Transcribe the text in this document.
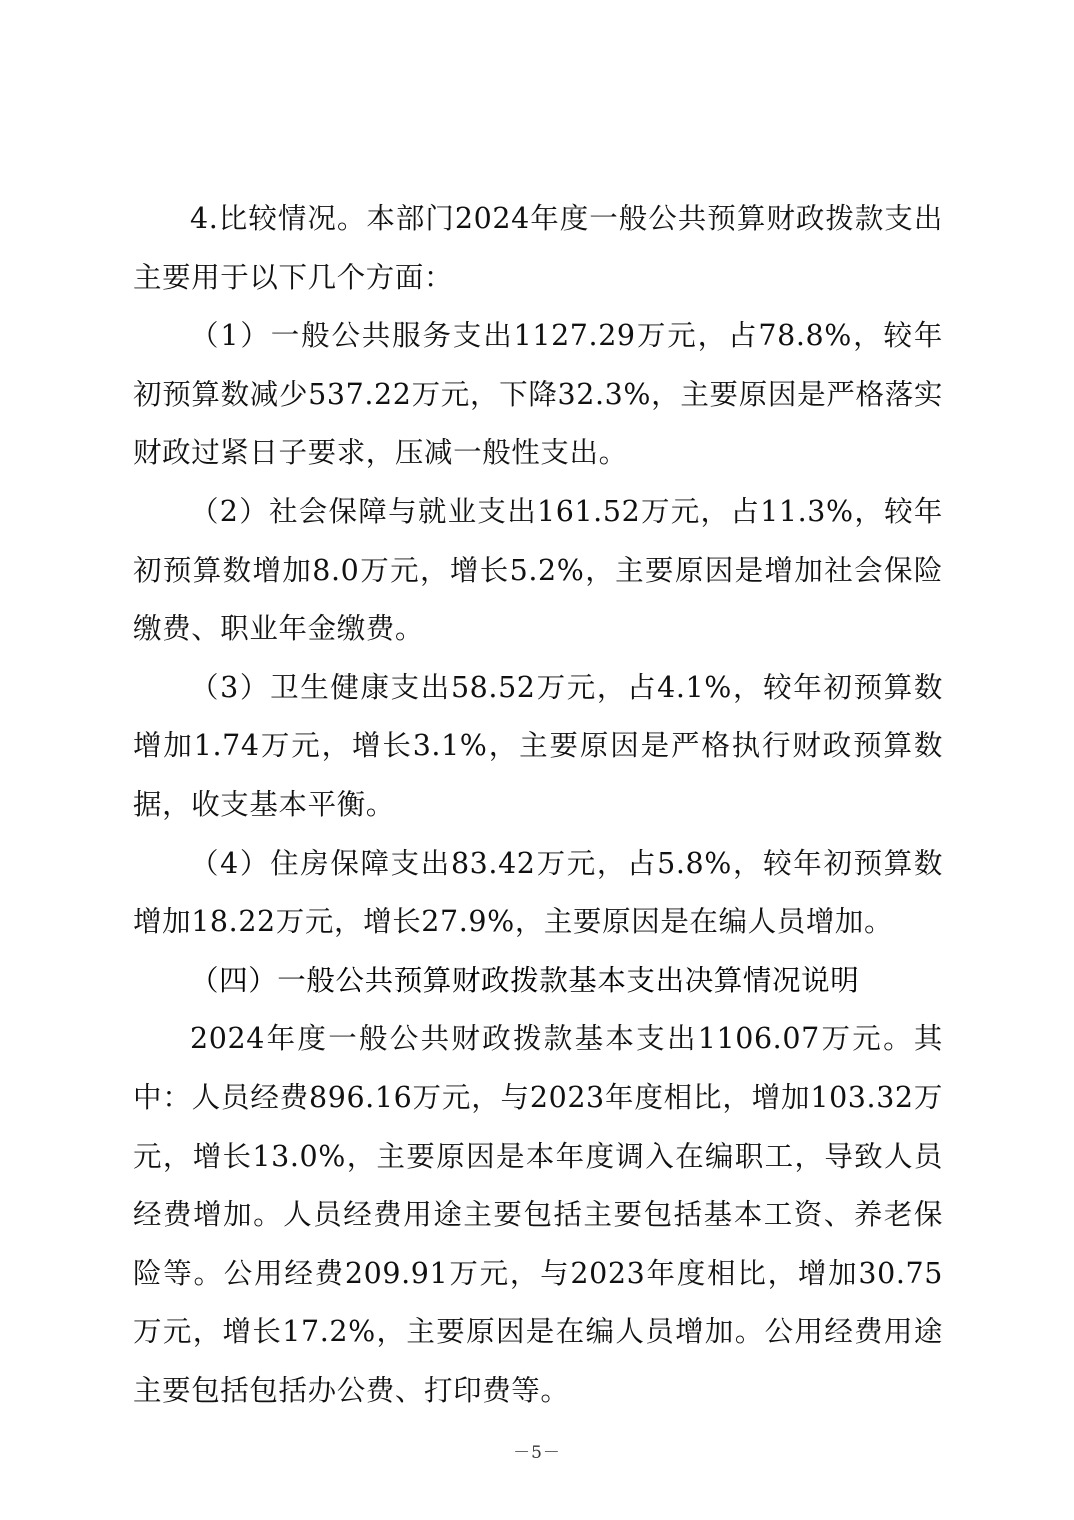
4.比较情况。本部门2024年度一般公共预算财政拨款支出主要用于以下几个方面：

（1）一般公共服务支出1127.29万元，占78.8%，较年初预算数减少537.22万元，下降32.3%，主要原因是严格落实财政过紧日子要求，压减一般性支出。

（2）社会保障与就业支出161.52万元，占11.3%，较年初预算数增加8.0万元，增长5.2%，主要原因是增加社会保险缴费、职业年金缴费。

（3）卫生健康支出58.52万元，占4.1%，较年初预算数增加1.74万元，增长3.1%，主要原因是严格执行财政预算数据，收支基本平衡。

（4）住房保障支出83.42万元，占5.8%，较年初预算数增加18.22万元，增长27.9%，主要原因是在编人员增加。

（四）一般公共预算财政拨款基本支出决算情况说明

2024年度一般公共财政拨款基本支出1106.07万元。其中：人员经费896.16万元，与2023年度相比，增加103.32万元，增长13.0%，主要原因是本年度调入在编职工，导致人员经费增加。人员经费用途主要包括主要包括基本工资、养老保险等。公用经费209.91万元，与2023年度相比，增加30.75万元，增长17.2%，主要原因是在编人员增加。公用经费用途主要包括包括办公费、打印费等。

－5－
